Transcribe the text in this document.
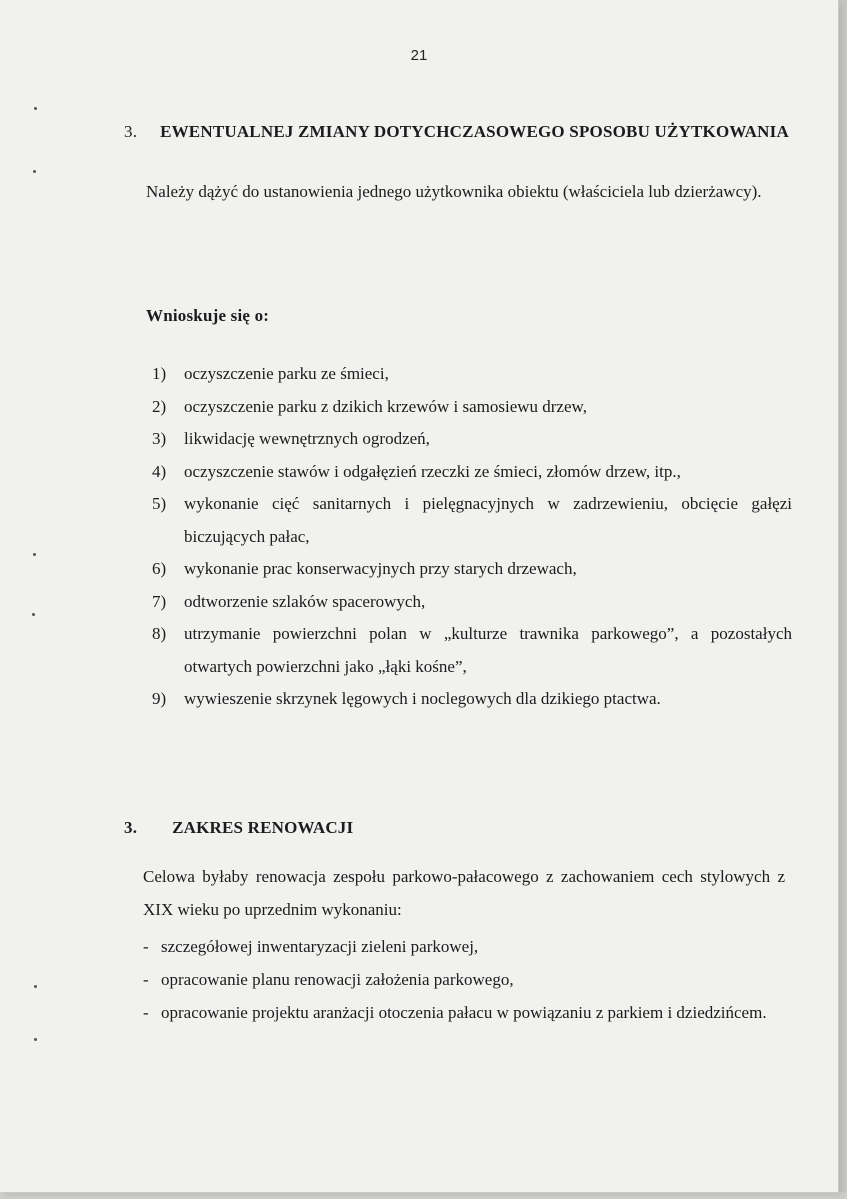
21
3. EWENTUALNEJ ZMIANY DOTYCHCZASOWEGO SPOSOBU UŻYTKOWANIA
Należy dążyć do ustanowienia jednego użytkownika obiektu (właściciela lub dzierżawcy).
Wnioskuje się o:
1) oczyszczenie parku ze śmieci,
2) oczyszczenie parku z dzikich krzewów i samosiewu drzew,
3) likwidację wewnętrznych ogrodzeń,
4) oczyszczenie stawów i odgałęzień rzeczki ze śmieci, złomów drzew, itp.,
5) wykonanie cięć sanitarnych i pielęgnacyjnych w zadrzewieniu, obcięcie gałęzi biczujących pałac,
6) wykonanie prac konserwacyjnych przy starych drzewach,
7) odtworzenie szlaków spacerowych,
8) utrzymanie powierzchni polan w „kulturze trawnika parkowego”, a pozostałych otwartych powierzchni jako „łąki kośne”,
9) wywieszenie skrzynek lęgowych i noclegowych dla dzikiego ptactwa.
3. ZAKRES RENOWACJI
Celowa byłaby renowacja zespołu parkowo-pałacowego z zachowaniem cech stylowych z XIX wieku po uprzednim wykonaniu:
- szczegółowej inwentaryzacji zieleni parkowej,
- opracowanie planu renowacji założenia parkowego,
- opracowanie projektu aranżacji otoczenia pałacu w powiązaniu z parkiem i dziedzińcem.
